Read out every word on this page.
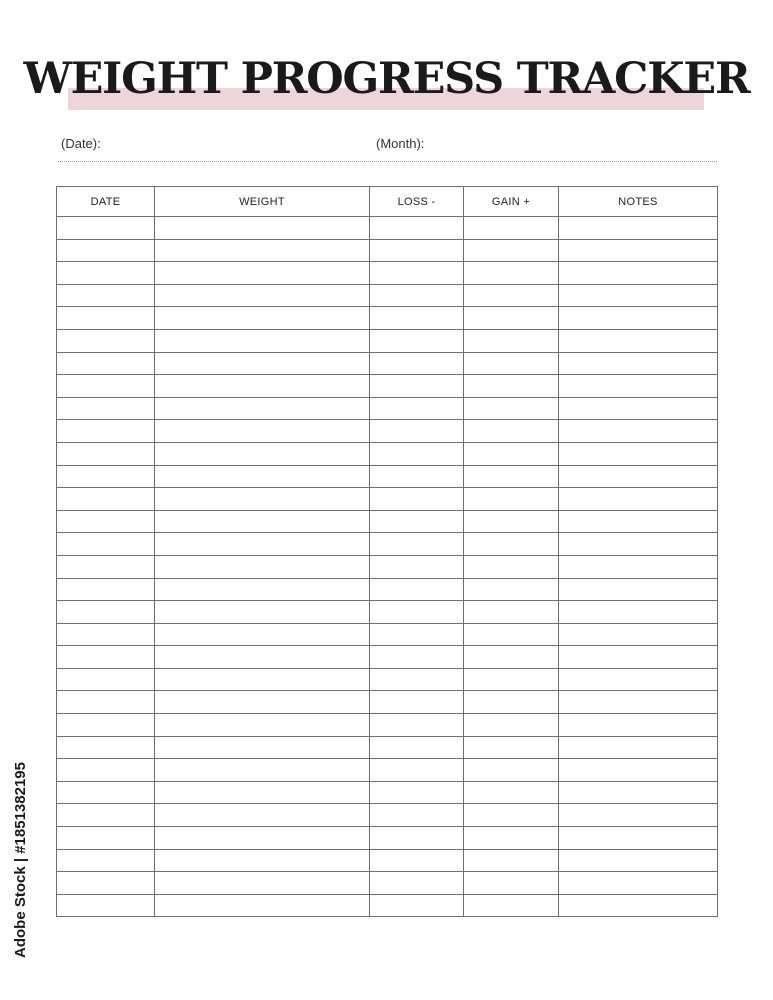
WEIGHT PROGRESS TRACKER
(Date):	(Month):
DATE	WEIGHT	LOSS -	GAIN +	NOTES

Adobe Stock | #1851382195
